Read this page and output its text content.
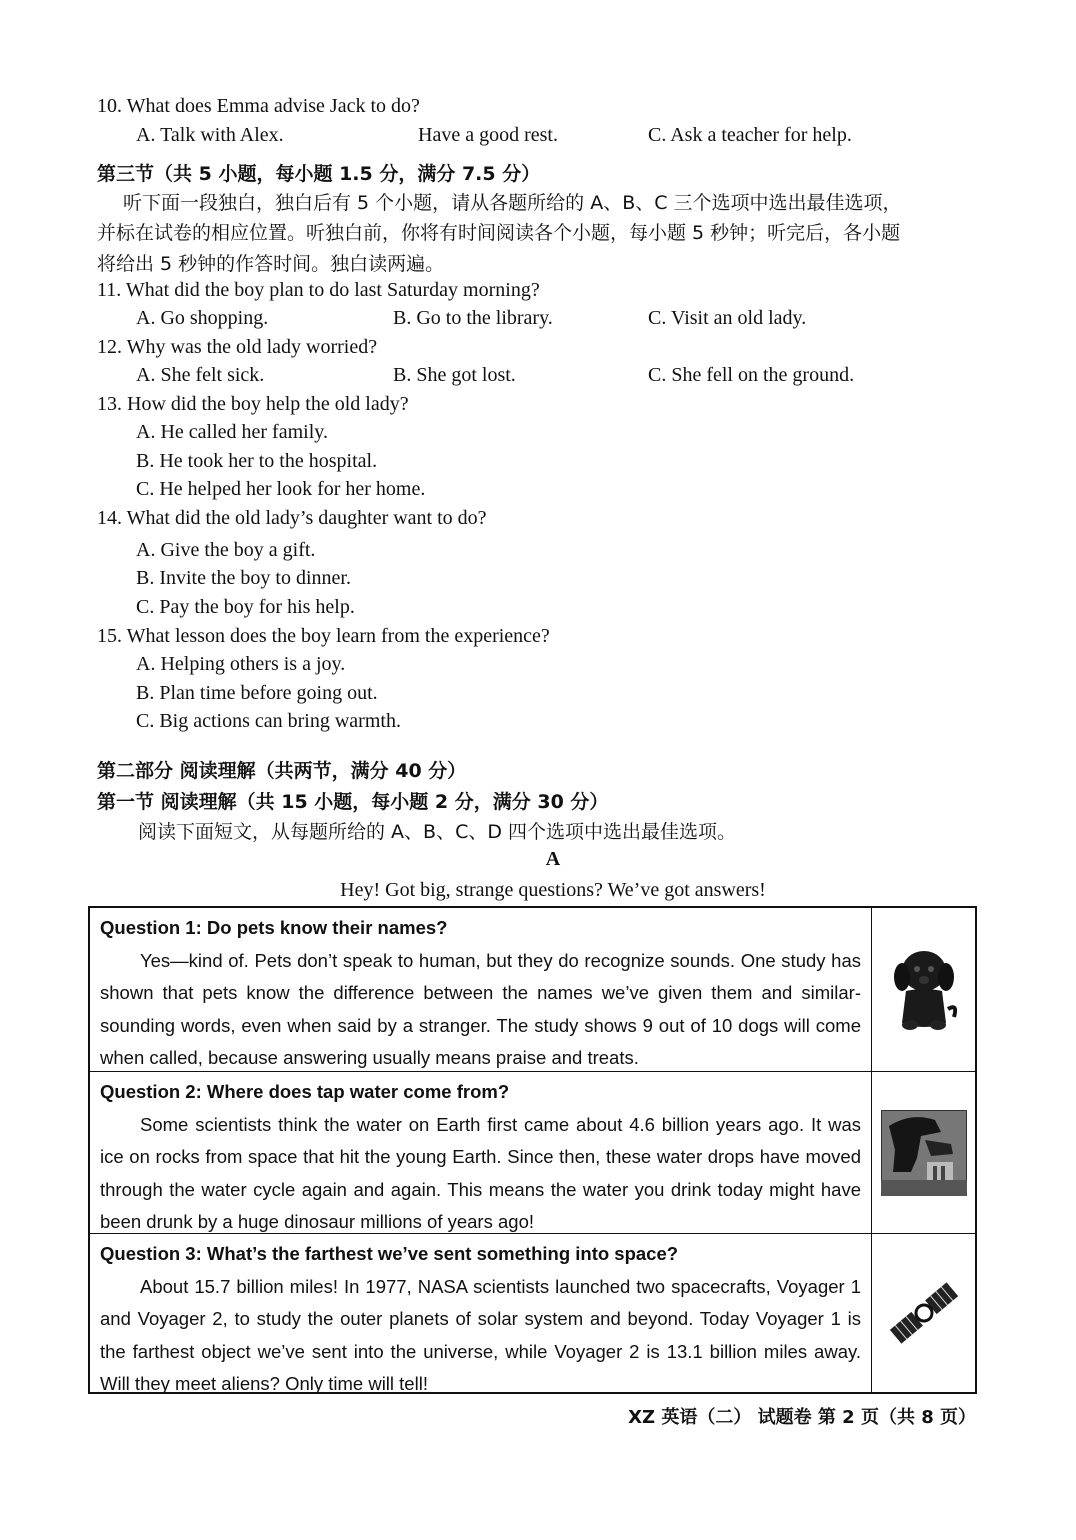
10. What does Emma advise Jack to do?
A. Talk with Alex.	Have a good rest.	C. Ask a teacher for help.
第三节（共 5 小题，每小题 1.5 分，满分 7.5 分）
听下面一段独白，独白后有 5 个小题，请从各题所给的 A、B、C 三个选项中选出最佳选项，
并标在试卷的相应位置。听独白前，你将有时间阅读各个小题，每小题 5 秒钟；听完后，各小题
将给出 5 秒钟的作答时间。独白读两遍。
11. What did the boy plan to do last Saturday morning?
A. Go shopping.	B. Go to the library.	C. Visit an old lady.
12. Why was the old lady worried?
A. She felt sick.	B. She got lost.	C. She fell on the ground.
13. How did the boy help the old lady?
A. He called her family.
B. He took her to the hospital.
C. He helped her look for her home.
14. What did the old lady’s daughter want to do?
A. Give the boy a gift.
B. Invite the boy to dinner.
C. Pay the boy for his help.
15. What lesson does the boy learn from the experience?
A. Helping others is a joy.
B. Plan time before going out.
C. Big actions can bring warmth.
第二部分 阅读理解（共两节，满分 40 分）
第一节 阅读理解（共 15 小题，每小题 2 分，满分 30 分）
阅读下面短文，从每题所给的 A、B、C、D 四个选项中选出最佳选项。
A
Hey! Got big, strange questions? We’ve got answers!
Question 1: Do pets know their names?
Yes—kind of. Pets don’t speak to human, but they do recognize sounds. One study has shown that pets know the difference between the names we’ve given them and similar-sounding words, even when said by a stranger. The study shows 9 out of 10 dogs will come when called, because answering usually means praise and treats.
Question 2: Where does tap water come from?
Some scientists think the water on Earth first came about 4.6 billion years ago. It was ice on rocks from space that hit the young Earth. Since then, these water drops have moved through the water cycle again and again. This means the water you drink today might have been drunk by a huge dinosaur millions of years ago!
Question 3: What’s the farthest we’ve sent something into space?
About 15.7 billion miles! In 1977, NASA scientists launched two spacecrafts, Voyager 1 and Voyager 2, to study the outer planets of solar system and beyond. Today Voyager 1 is the farthest object we’ve sent into the universe, while Voyager 2 is 13.1 billion miles away. Will they meet aliens? Only time will tell!
XZ 英语（二） 试题卷 第 2 页（共 8 页）
